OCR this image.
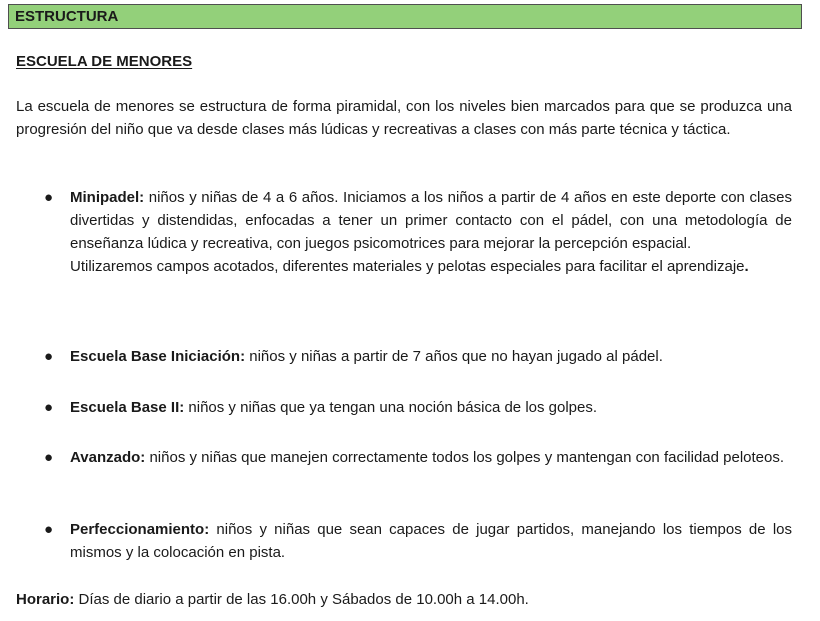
ESTRUCTURA
ESCUELA DE MENORES

La escuela de menores se estructura de forma piramidal, con los niveles bien marcados para que se produzca una progresión del niño que va desde clases más lúdicas y recreativas a clases con más parte técnica y táctica.

● Minipadel: niños y niñas de 4 a 6 años. Iniciamos a los niños a partir de 4 años en este deporte con clases divertidas y distendidas, enfocadas a tener un primer contacto con el pádel, con una metodología de enseñanza lúdica y recreativa, con juegos psicomotrices para mejorar la percepción espacial.

Utilizaremos campos acotados, diferentes materiales y pelotas especiales para facilitar el aprendizaje.

● Escuela Base Iniciación: niños y niñas a partir de 7 años que no hayan jugado al pádel.

● Escuela Base II: niños y niñas que ya tengan una noción básica de los golpes.

● Avanzado: niños y niñas que manejen correctamente todos los golpes y mantengan con facilidad peloteos.

● Perfeccionamiento: niños y niñas que sean capaces de jugar partidos, manejando los tiempos de los mismos y la colocación en pista.

Horario: Días de diario a partir de las 16.00h y Sábados de 10.00h a 14.00h.
